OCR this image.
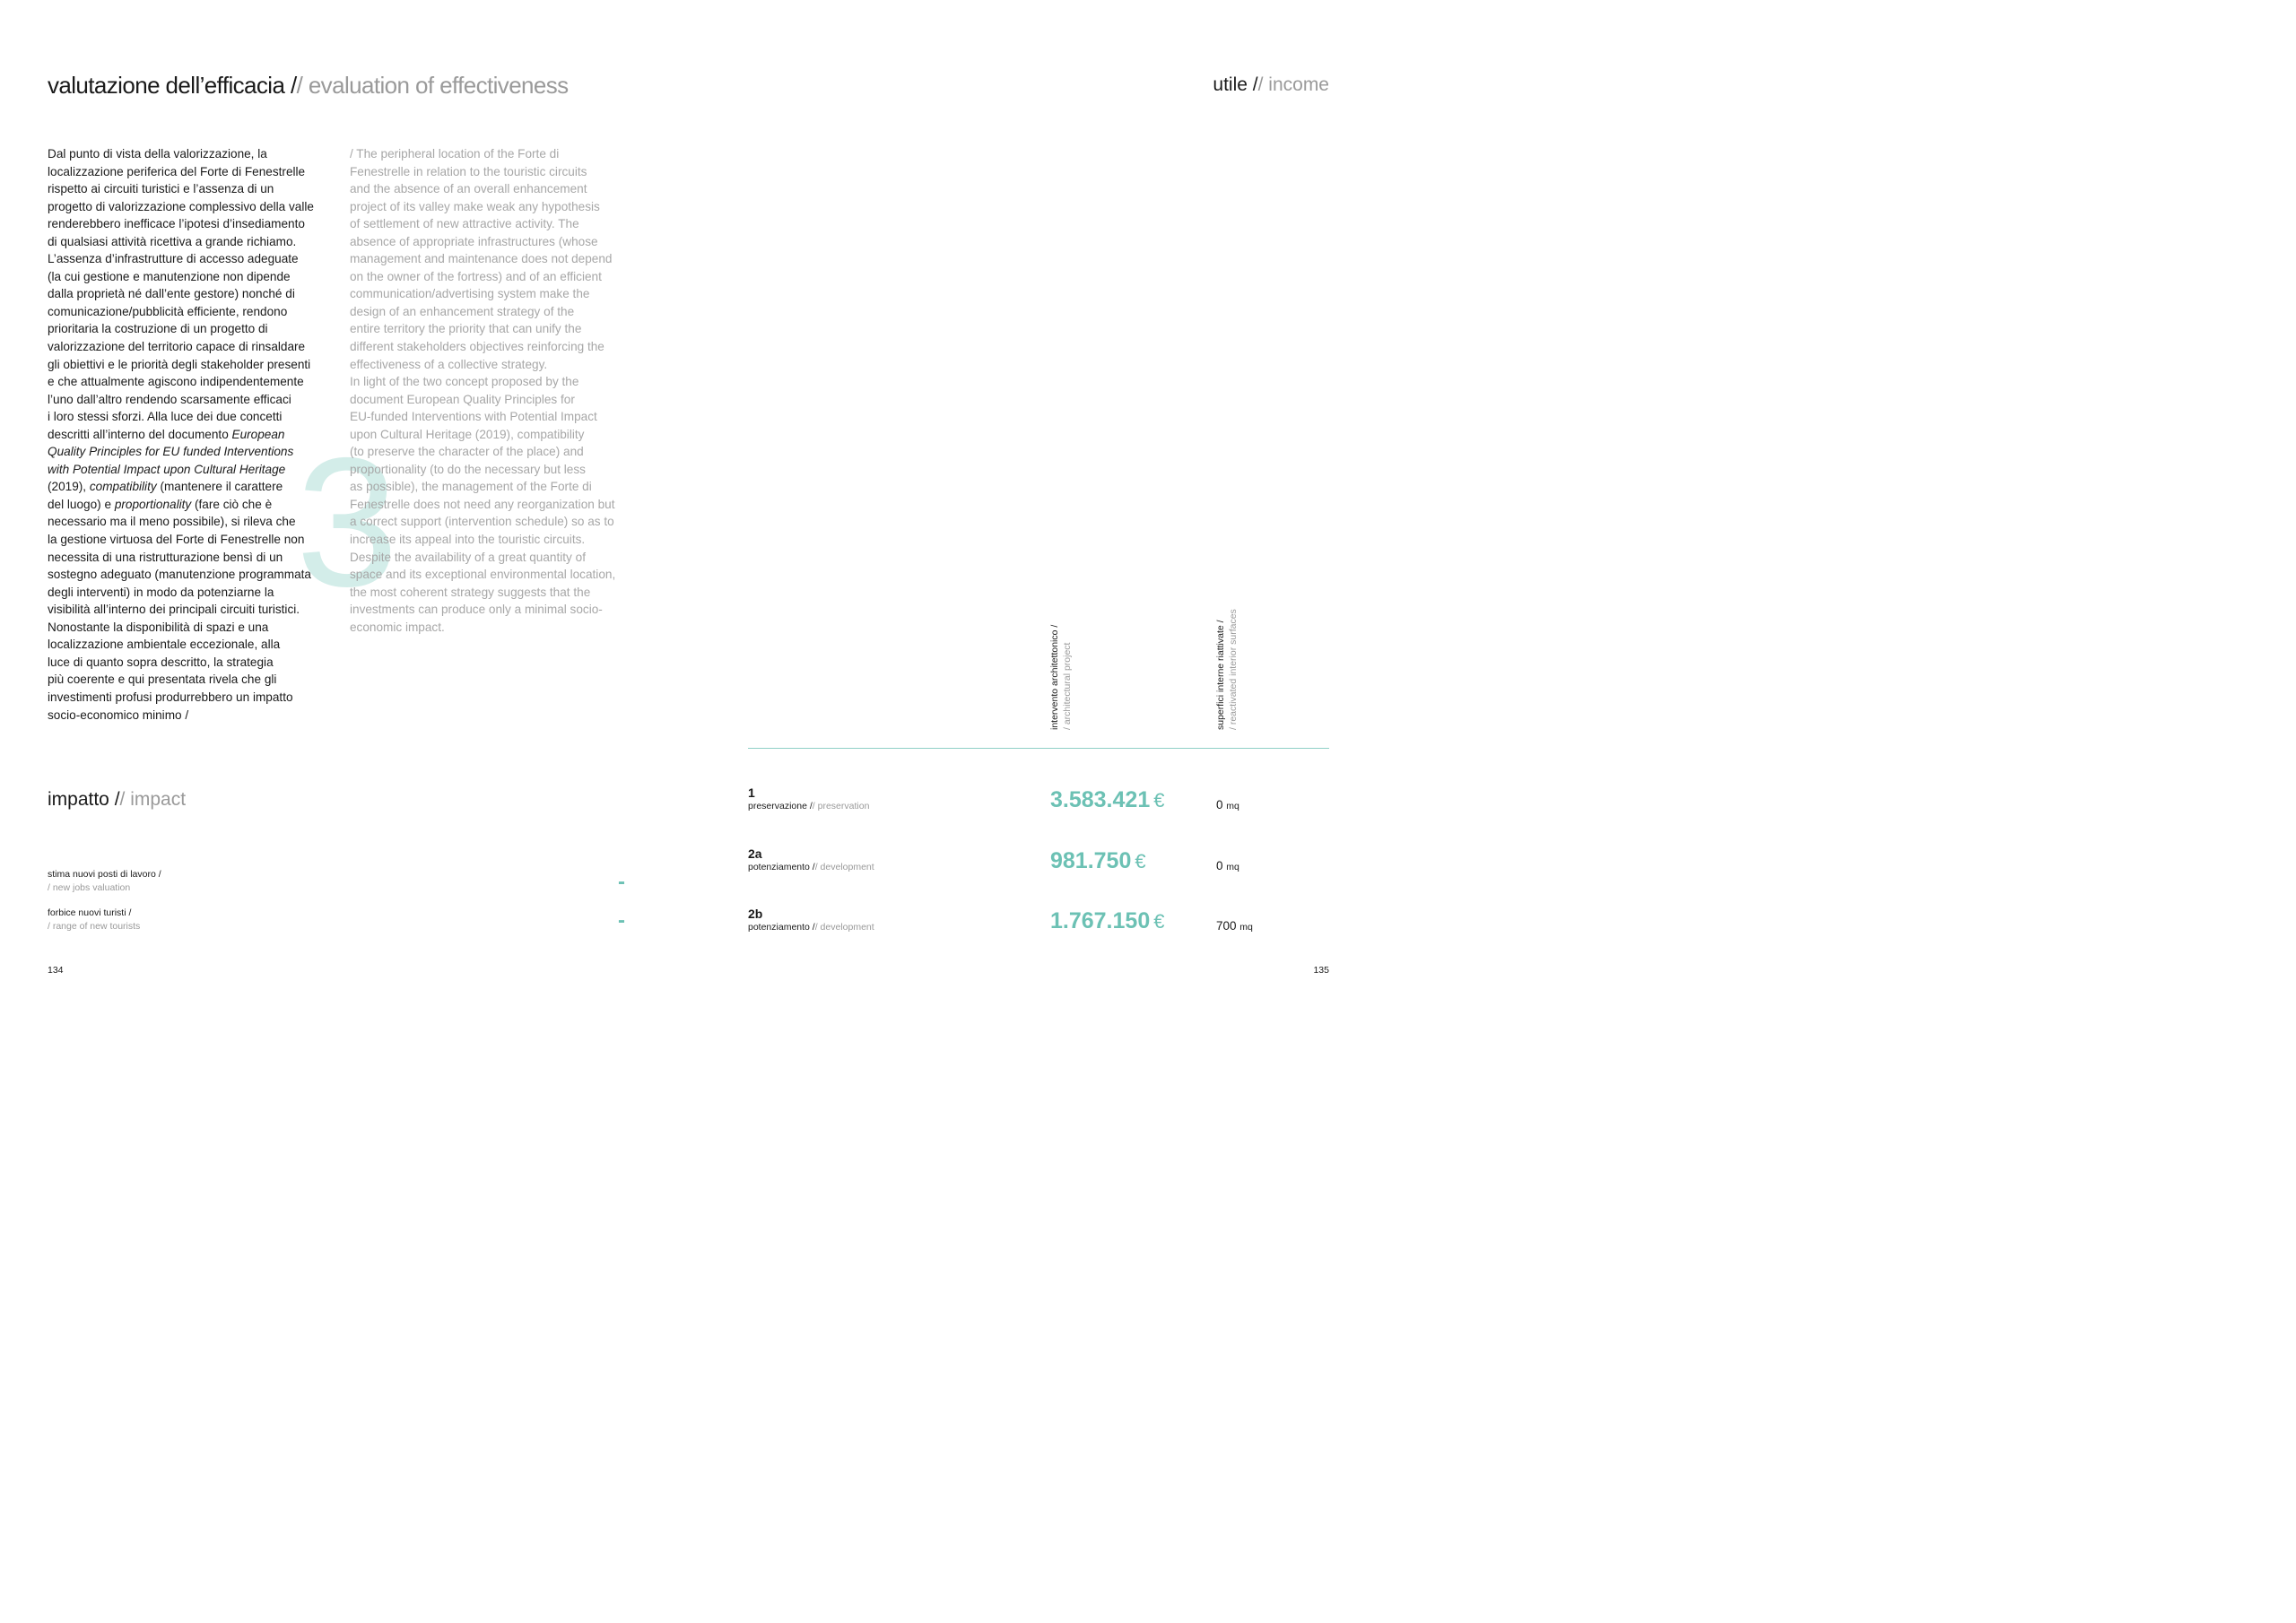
3
valutazione dell’efficacia // evaluation of effectiveness	utile // income

Dal punto di vista della valorizzazione, la

localizzazione periferica del Forte di Fenestrelle

rispetto ai circuiti turistici e l’assenza di un

progetto di valorizzazione complessivo della valle

renderebbero inefficace l’ipotesi d’insediamento

di qualsiasi attività ricettiva a grande richiamo.

L’assenza d’infrastrutture di accesso adeguate

(la cui gestione e manutenzione non dipende

dalla proprietà né dall’ente gestore) nonché di

comunicazione/pubblicità efficiente, rendono

prioritaria la costruzione di un progetto di

valorizzazione del territorio capace di rinsaldare

gli obiettivi e le priorità degli stakeholder presenti

e che attualmente agiscono indipendentemente

l’uno dall’altro rendendo scarsamente efficaci

i loro stessi sforzi. Alla luce dei due concetti

descritti all’interno del documento European

Quality Principles for EU funded Interventions

with Potential Impact upon Cultural Heritage

(2019), compatibility (mantenere il carattere

del luogo) e proportionality (fare ciò che è

necessario ma il meno possibile), si rileva che

la gestione virtuosa del Forte di Fenestrelle non

necessita di una ristrutturazione bensì di un

sostegno adeguato (manutenzione programmata

degli interventi) in modo da potenziarne la

visibilità all’interno dei principali circuiti turistici.

Nonostante la disponibilità di spazi e una

localizzazione ambientale eccezionale, alla

luce di quanto sopra descritto, la strategia

più coerente e qui presentata rivela che gli

investimenti profusi produrrebbero un impatto

socio-economico minimo /

/ The peripheral location of the Forte di

Fenestrelle in relation to the touristic circuits

and the absence of an overall enhancement

project of its valley make weak any hypothesis

of settlement of new attractive activity. The

absence of appropriate infrastructures (whose

management and maintenance does not depend

on the owner of the fortress) and of an efficient

communication/advertising system make the

design of an enhancement strategy of the

entire territory the priority that can unify the

different stakeholders objectives reinforcing the

effectiveness of a collective strategy.

In light of the two concept proposed by the

document European Quality Principles for

EU-funded Interventions with Potential Impact

upon Cultural Heritage (2019), compatibility

(to preserve the character of the place) and

proportionality (to do the necessary but less

as possible), the management of the Forte di

Fenestrelle does not need any reorganization but

a correct support (intervention schedule) so as to

increase its appeal into the touristic circuits.

Despite the availability of a great quantity of

space and its exceptional environmental location,

the most coherent strategy suggests that the

investments can produce only a minimal socio-

economic impact.

impatto // impact
stima nuovi posti di lavoro /
/ new jobs valuation	-
forbice nuovi turisti /
/ range of new tourists	-
134
intervento architettonico / / architectural project	superfici interne riattivate / / reactivated interior surfaces
1
preservazione // preservation	3.583.421 €	0 mq
2a
potenziamento // development	981.750 €	0 mq
2b
potenziamento // development	1.767.150 €	700 mq
135
